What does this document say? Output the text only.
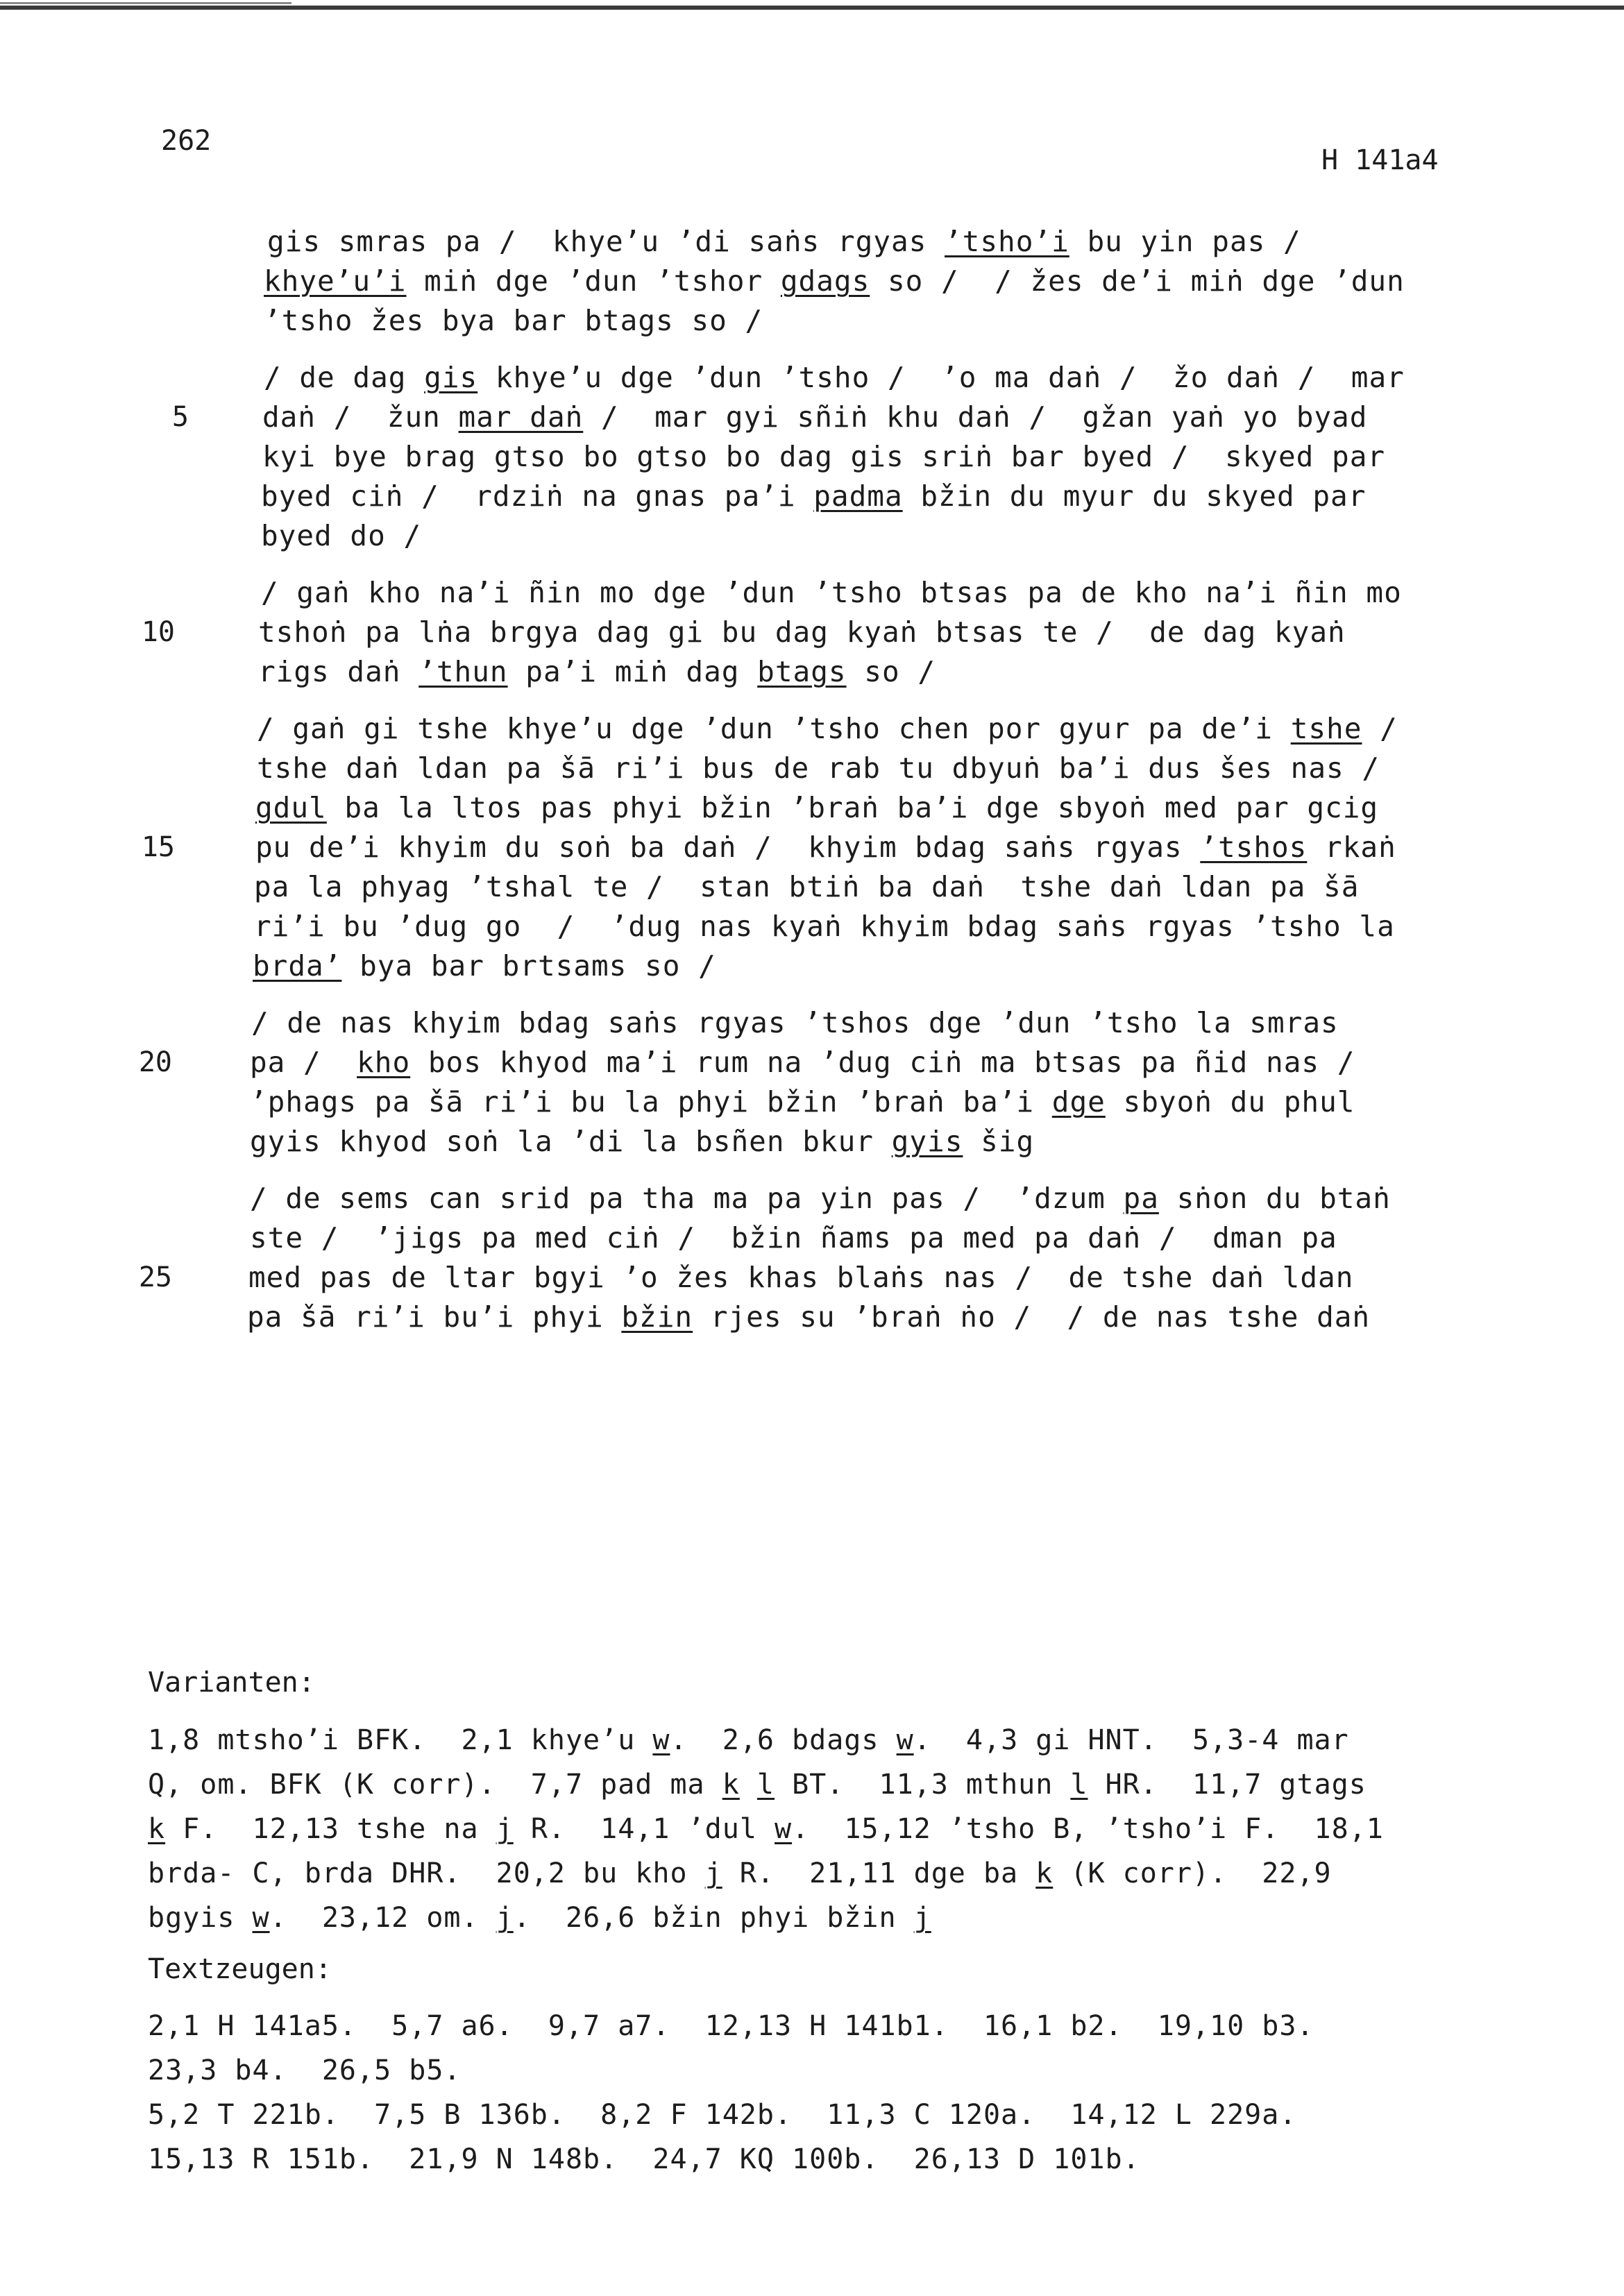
262
H 141a4
gis smras pa /  khye’u ’di saṅs rgyas ’tsho’i bu yin pas /
khye’u’i miṅ dge ’dun ’tshor gdags so /  / žes de’i miṅ dge ’dun
’tsho žes bya bar btags so /
/ de dag gis khye’u dge ’dun ’tsho /  ’o ma daṅ /  žo daṅ /  mar
daṅ /  žun mar daṅ /  mar gyi sñiṅ khu daṅ /  gžan yaṅ yo byad
kyi bye brag gtso bo gtso bo dag gis sriṅ bar byed /  skyed par
byed ciṅ /  rdziṅ na gnas pa’i padma bžin du myur du skyed par
byed do /
/ gaṅ kho na’i ñin mo dge ’dun ’tsho btsas pa de kho na’i ñin mo
tshoṅ pa lṅa brgya dag gi bu dag kyaṅ btsas te /  de dag kyaṅ
rigs daṅ ’thun pa’i miṅ dag btags so /
/ gaṅ gi tshe khye’u dge ’dun ’tsho chen por gyur pa de’i tshe /
tshe daṅ ldan pa šā ri’i bus de rab tu dbyuṅ ba’i dus šes nas /
gdul ba la ltos pas phyi bžin ’braṅ ba’i dge sbyoṅ med par gcig
pu de’i khyim du soṅ ba daṅ /  khyim bdag saṅs rgyas ’tshos rkaṅ
pa la phyag ’tshal te /  stan btiṅ ba daṅ  tshe daṅ ldan pa šā
ri’i bu ’dug go  /  ’dug nas kyaṅ khyim bdag saṅs rgyas ’tsho la
brda’ bya bar brtsams so /
/ de nas khyim bdag saṅs rgyas ’tshos dge ’dun ’tsho la smras
pa /  kho bos khyod ma’i rum na ’dug ciṅ ma btsas pa ñid nas /
’phags pa šā ri’i bu la phyi bžin ’braṅ ba’i dge sbyoṅ du phul
gyis khyod soṅ la ’di la bsñen bkur gyis šig
/ de sems can srid pa tha ma pa yin pas /  ’dzum pa sṅon du btaṅ
ste /  ’jigs pa med ciṅ /  bžin ñams pa med pa daṅ /  dman pa
med pas de ltar bgyi ’o žes khas blaṅs nas /  de tshe daṅ ldan
pa šā ri’i bu’i phyi bžin rjes su ’braṅ ṅo /  / de nas tshe daṅ
5
10
15
20
25
Varianten:
1,8 mtsho’i BFK.  2,1 khye’u w.  2,6 bdags w.  4,3 gi HNT.  5,3-4 mar
Q, om. BFK (K corr).  7,7 pad ma k l BT.  11,3 mthun l HR.  11,7 gtags
k F.  12,13 tshe na j R.  14,1 ’dul w.  15,12 ’tsho B, ’tsho’i F.  18,1
brda- C, brda DHR.  20,2 bu kho j R.  21,11 dge ba k (K corr).  22,9
bgyis w.  23,12 om. j.  26,6 bžin phyi bžin j
Textzeugen:
2,1 H 141a5.  5,7 a6.  9,7 a7.  12,13 H 141b1.  16,1 b2.  19,10 b3.
23,3 b4.  26,5 b5.
5,2 T 221b.  7,5 B 136b.  8,2 F 142b.  11,3 C 120a.  14,12 L 229a.
15,13 R 151b.  21,9 N 148b.  24,7 KQ 100b.  26,13 D 101b.
